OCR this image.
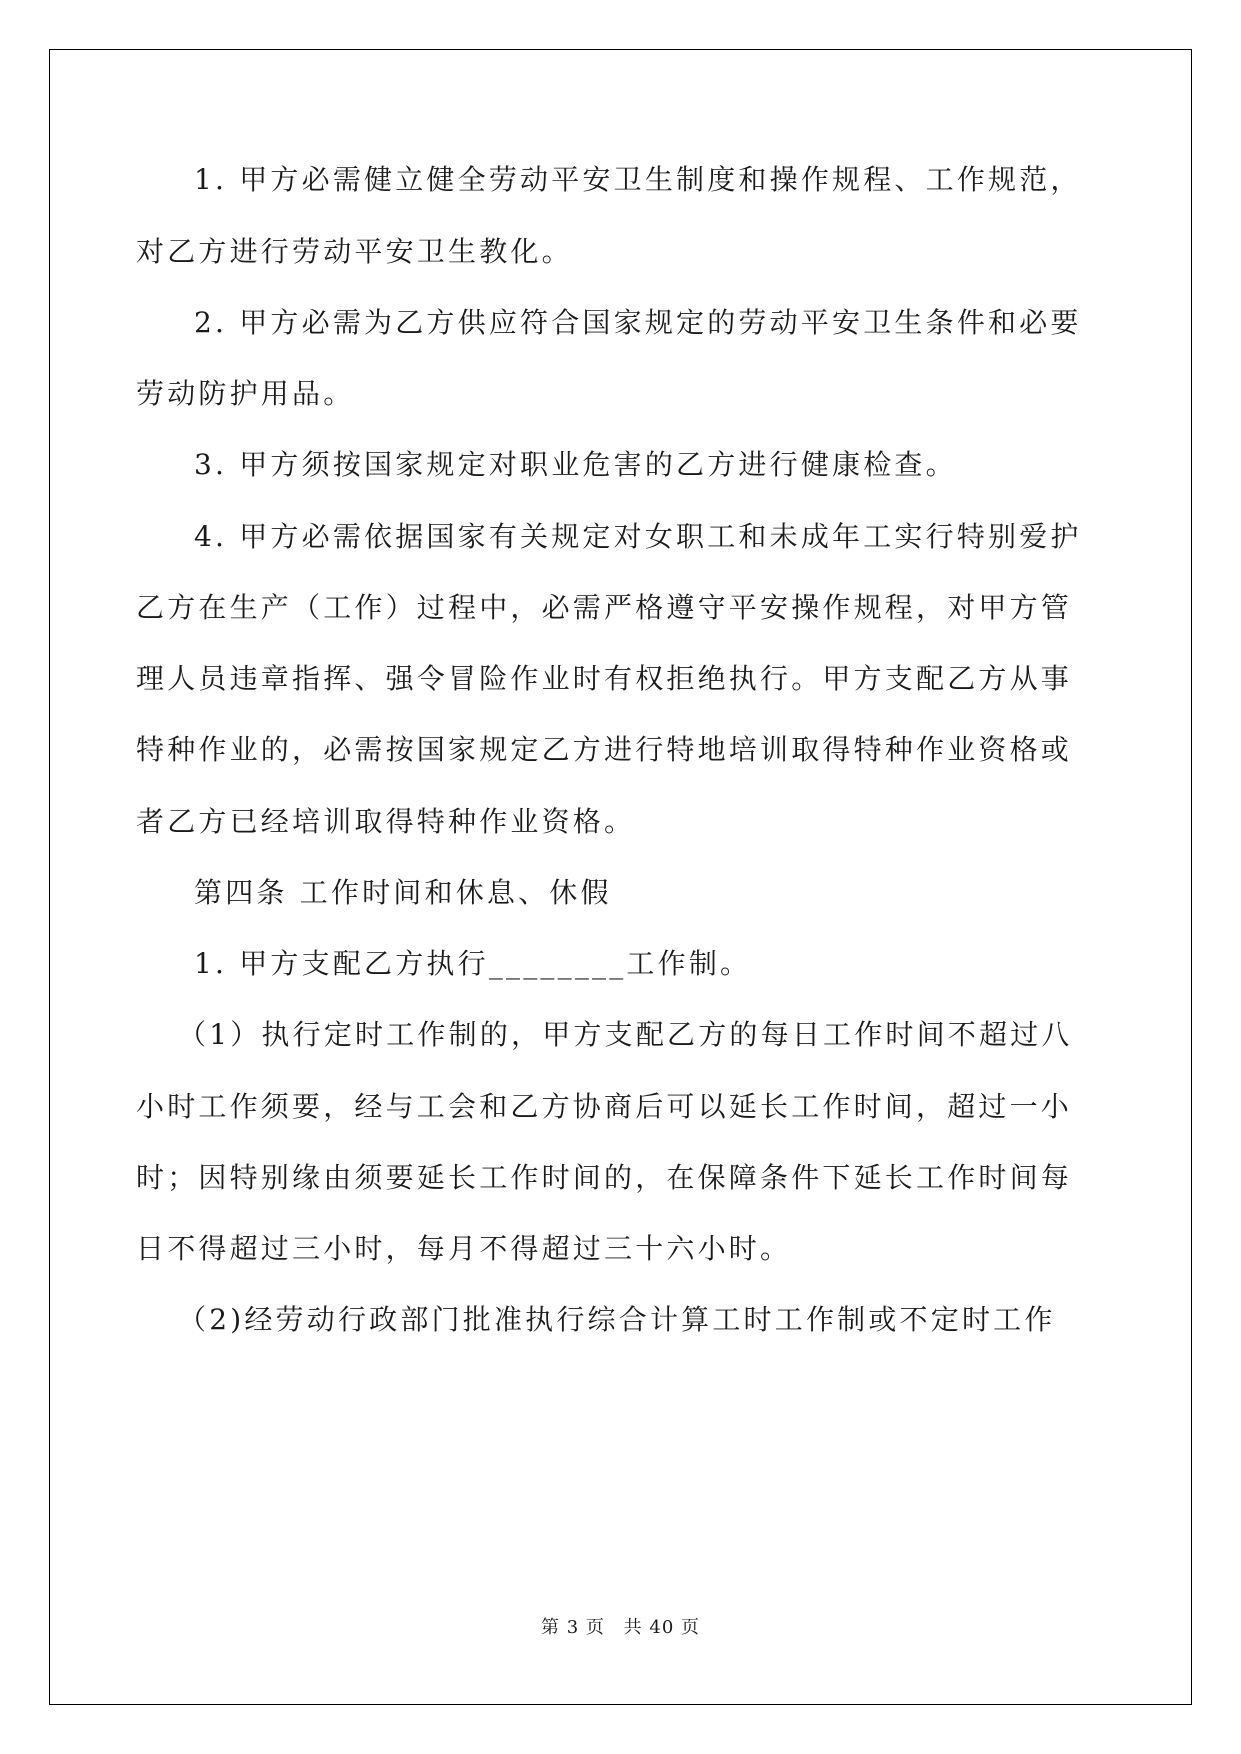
1. 甲方必需健立健全劳动平安卫生制度和操作规程、工作规范，
对乙方进行劳动平安卫生教化。
2. 甲方必需为乙方供应符合国家规定的劳动平安卫生条件和必要
劳动防护用品。
3. 甲方须按国家规定对职业危害的乙方进行健康检查。
4. 甲方必需依据国家有关规定对女职工和未成年工实行特别爱护
乙方在生产（工作）过程中，必需严格遵守平安操作规程，对甲方管
理人员违章指挥、强令冒险作业时有权拒绝执行。甲方支配乙方从事
特种作业的，必需按国家规定乙方进行特地培训取得特种作业资格或
者乙方已经培训取得特种作业资格。
第四条 工作时间和休息、休假
1. 甲方支配乙方执行________工作制。
（1）执行定时工作制的，甲方支配乙方的每日工作时间不超过八
小时工作须要，经与工会和乙方协商后可以延长工作时间，超过一小
时；因特别缘由须要延长工作时间的，在保障条件下延长工作时间每
日不得超过三小时，每月不得超过三十六小时。
（2)经劳动行政部门批准执行综合计算工时工作制或不定时工作
第 3 页 共 40 页
